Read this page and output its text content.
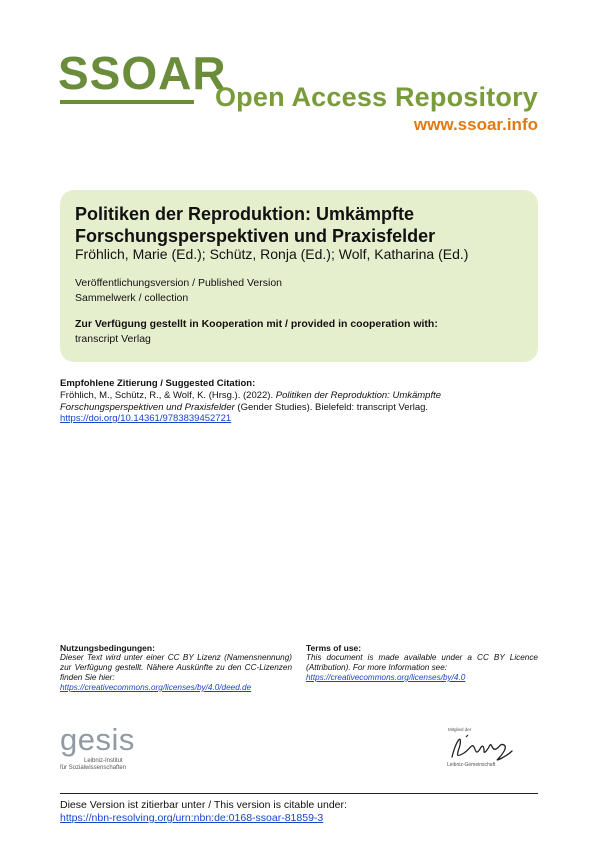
SSOAR
Open Access Repository
www.ssoar.info
Politiken der Reproduktion: Umkämpfte Forschungsperspektiven und Praxisfelder
Fröhlich, Marie (Ed.); Schütz, Ronja (Ed.); Wolf, Katharina (Ed.)
Veröffentlichungsversion / Published Version
Sammelwerk / collection
Zur Verfügung gestellt in Kooperation mit / provided in cooperation with:
transcript Verlag
Empfohlene Zitierung / Suggested Citation:
Fröhlich, M., Schütz, R., & Wolf, K. (Hrsg.). (2022). Politiken der Reproduktion: Umkämpfte Forschungsperspektiven und Praxisfelder (Gender Studies). Bielefeld: transcript Verlag. https://doi.org/10.14361/9783839452721
Nutzungsbedingungen:
Dieser Text wird unter einer CC BY Lizenz (Namensnennung) zur Verfügung gestellt. Nähere Auskünfte zu den CC-Lizenzen finden Sie hier:
https://creativecommons.org/licenses/by/4.0/deed.de
Terms of use:
This document is made available under a CC BY Licence (Attribution). For more Information see:
https://creativecommons.org/licenses/by/4.0
gesis
Leibniz-Institut
für Sozialwissenschaften
Mitglied der
Leibniz-Gemeinschaft
Diese Version ist zitierbar unter / This version is citable under:
https://nbn-resolving.org/urn:nbn:de:0168-ssoar-81859-3
